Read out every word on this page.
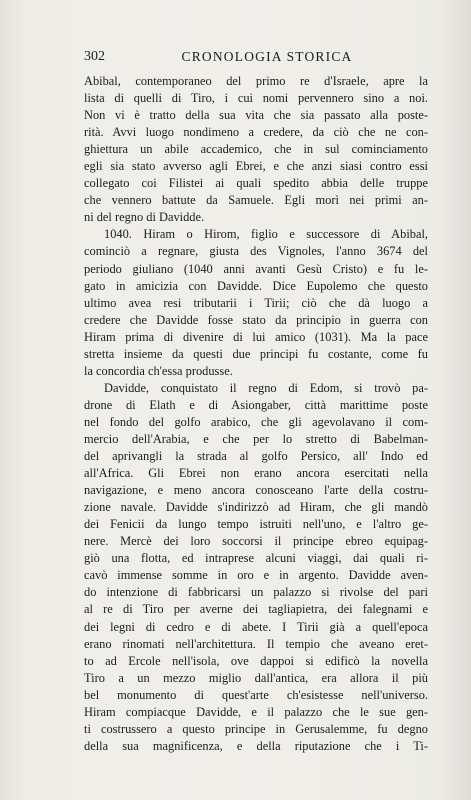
302	CRONOLOGIA STORICA

Abibal, contemporaneo del primo re d'Israele, apre la
lista di quelli di Tiro, i cui nomi pervennero sino a noi.
Non vi è tratto della sua vita che sia passato alla poste-
rità. Avvi luogo nondimeno a credere, da ciò che ne con-
ghiettura un abile accademico, che in sul cominciamento
egli sia stato avverso agli Ebrei, e che anzi siasi contro essi
collegato coi Filistei ai quali spedito abbia delle truppe
che vennero battute da Samuele. Egli morì nei primi an-
ni del regno di Davidde.

1040. Hiram o Hirom, figlio e successore di Abibal,
cominciò a regnare, giusta des Vignoles, l'anno 3674 del
periodo giuliano (1040 anni avanti Gesù Cristo) e fu le-
gato in amicizia con Davidde. Dice Eupolemo che questo
ultimo avea resi tributarii i Tirii; ciò che dà luogo a
credere che Davidde fosse stato da principio in guerra con
Hiram prima di divenire di lui amico (1031). Ma la pace
stretta insieme da questi due principi fu costante, come fu
la concordia ch'essa produsse.

Davidde, conquistato il regno di Edom, si trovò pa-
drone di Elath e di Asiongaber, città marittime poste
nel fondo del golfo arabico, che gli agevolavano il com-
mercio dell'Arabia, e che per lo stretto di Babelman-
del aprivangli la strada al golfo Persico, all' Indo ed
all'Africa. Gli Ebrei non erano ancora esercitati nella
navigazione, e meno ancora conosceano l'arte della costru-
zione navale. Davidde s'indirizzò ad Hiram, che gli mandò
dei Fenicii da lungo tempo istruiti nell'uno, e l'altro ge-
nere. Mercè dei loro soccorsi il principe ebreo equipag-
giò una flotta, ed intraprese alcuni viaggi, dai quali ri-
cavò immense somme in oro e in argento. Davidde aven-
do intenzione di fabbricarsi un palazzo si rivolse del pari
al re di Tiro per averne dei tagliapietra, dei falegnami e
dei legni di cedro e di abete. I Tirii già a quell'epoca
erano rinomati nell'architettura. Il tempio che aveano eret-
to ad Ercole nell'isola, ove dappoi si edificò la novella
Tiro a un mezzo miglio dall'antica, era allora il più
bel monumento di quest'arte ch'esistesse nell'universo.
Hiram compiacque Davidde, e il palazzo che le sue gen-
ti costrussero a questo principe in Gerusalemme, fu degno
della sua magnificenza, e della riputazione che i Ti-
